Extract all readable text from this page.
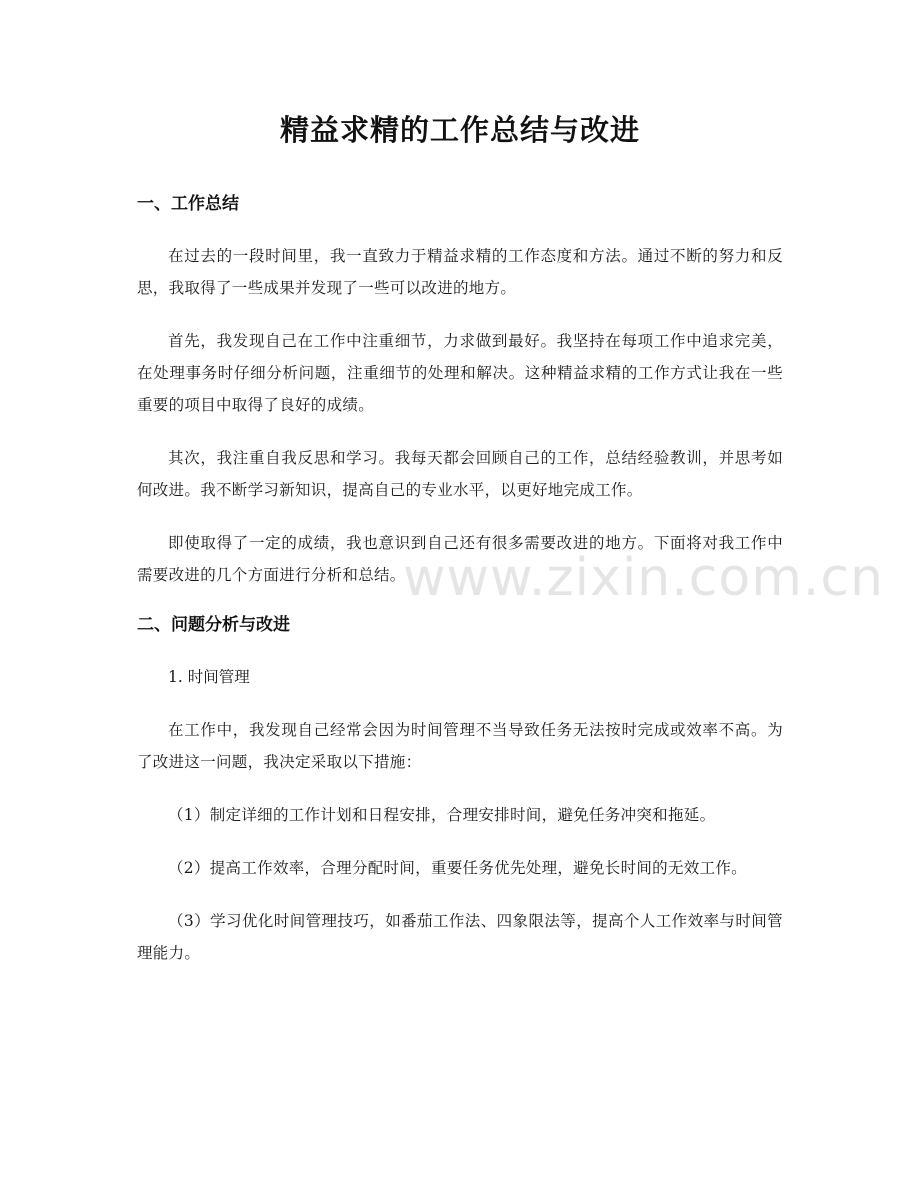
精益求精的工作总结与改进
一、工作总结

在过去的一段时间里，我一直致力于精益求精的工作态度和方法。通过不断的努力和反思，我取得了一些成果并发现了一些可以改进的地方。

首先，我发现自己在工作中注重细节，力求做到最好。我坚持在每项工作中追求完美，在处理事务时仔细分析问题，注重细节的处理和解决。这种精益求精的工作方式让我在一些重要的项目中取得了良好的成绩。

其次，我注重自我反思和学习。我每天都会回顾自己的工作，总结经验教训，并思考如何改进。我不断学习新知识，提高自己的专业水平，以更好地完成工作。

即使取得了一定的成绩，我也意识到自己还有很多需要改进的地方。下面将对我工作中需要改进的几个方面进行分析和总结。

二、问题分析与改进
1. 时间管理

在工作中，我发现自己经常会因为时间管理不当导致任务无法按时完成或效率不高。为了改进这一问题，我决定采取以下措施：

（1）制定详细的工作计划和日程安排，合理安排时间，避免任务冲突和拖延。

（2）提高工作效率，合理分配时间，重要任务优先处理，避免长时间的无效工作。

（3）学习优化时间管理技巧，如番茄工作法、四象限法等，提高个人工作效率与时间管理能力。

www.zixin.com.cn
